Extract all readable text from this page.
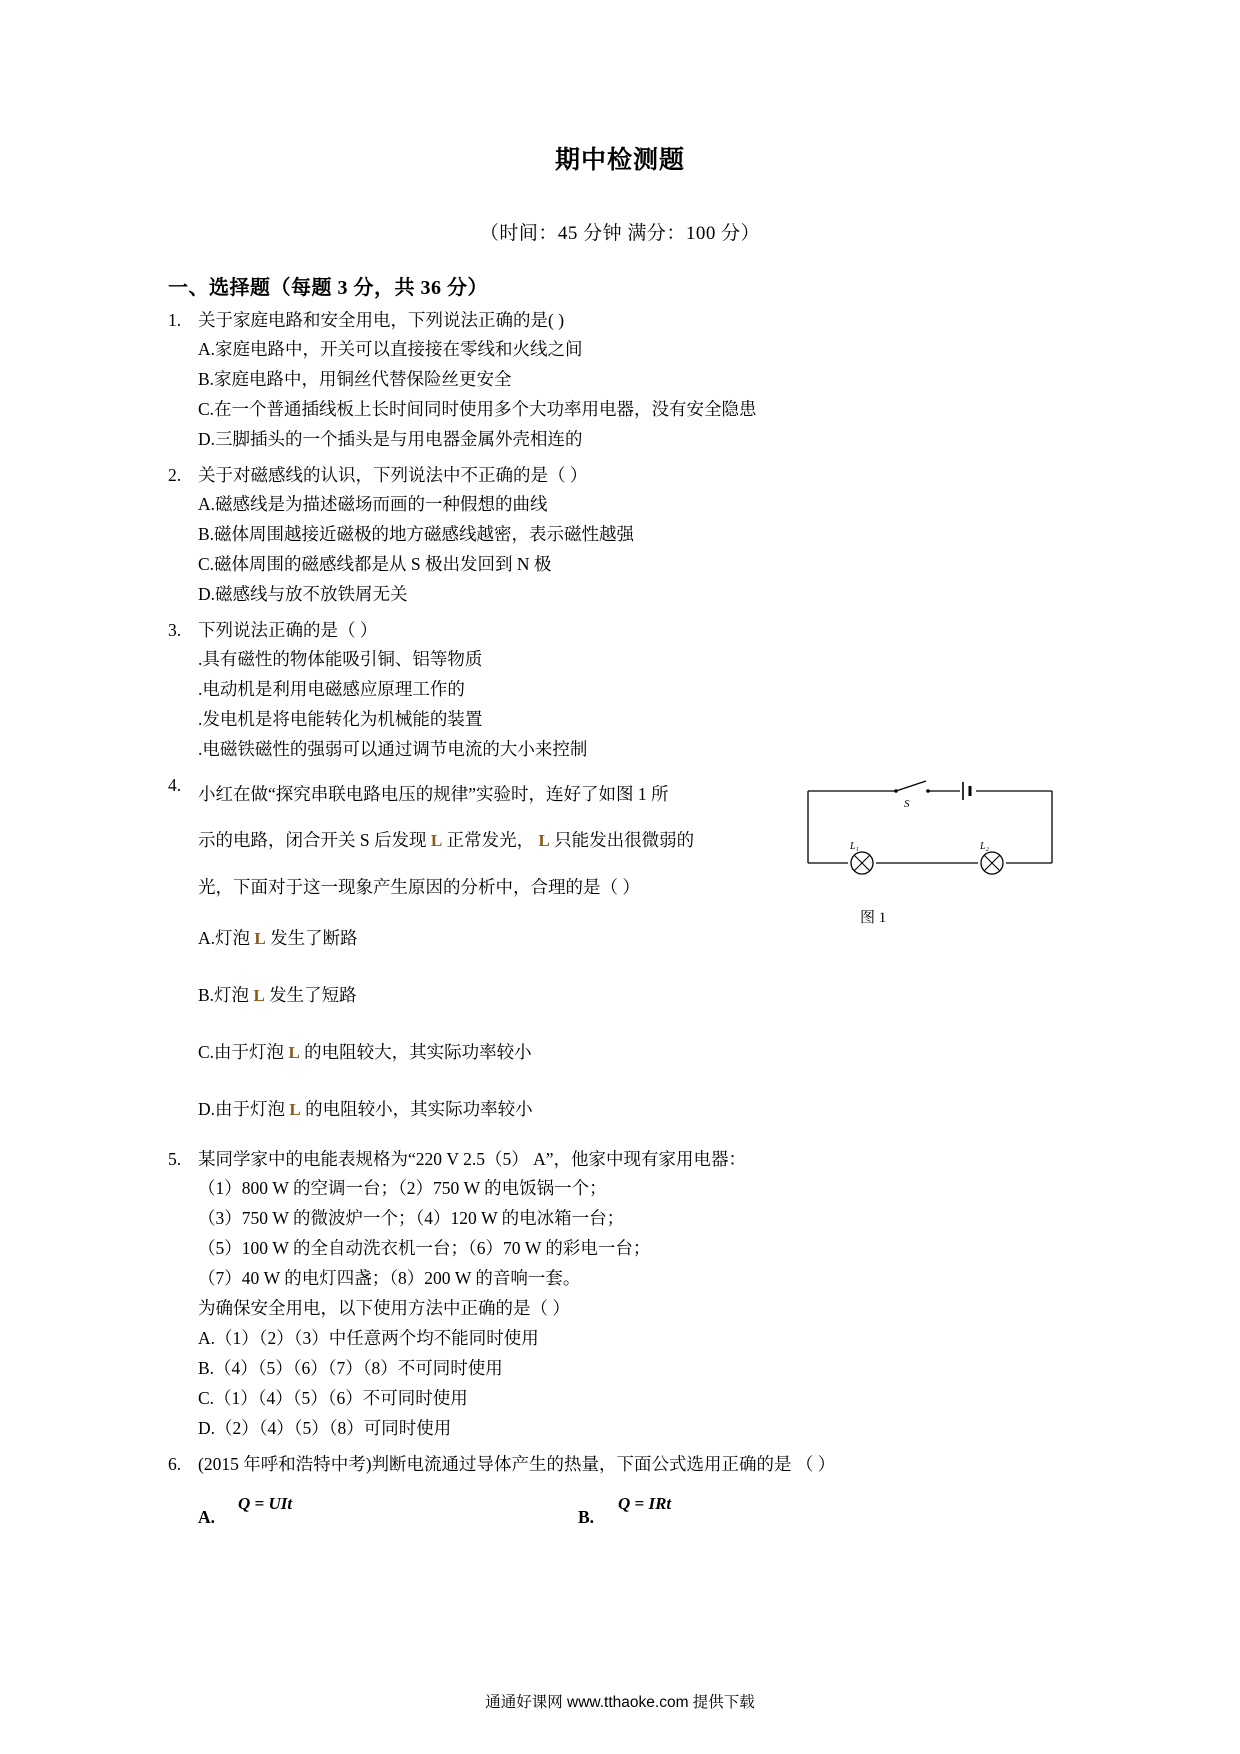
期中检测题
（时间：45 分钟 满分：100 分）
一、选择题（每题 3 分，共 36 分）
1. 关于家庭电路和安全用电，下列说法正确的是( )
A.家庭电路中，开关可以直接接在零线和火线之间
B.家庭电路中，用铜丝代替保险丝更安全
C.在一个普通插线板上长时间同时使用多个大功率用电器，没有安全隐患
D.三脚插头的一个插头是与用电器金属外壳相连的
2. 关于对磁感线的认识，下列说法中不正确的是（ ）
A.磁感线是为描述磁场而画的一种假想的曲线
B.磁体周围越接近磁极的地方磁感线越密，表示磁性越强
C.磁体周围的磁感线都是从 S 极出发回到 N 极
D.磁感线与放不放铁屑无关
3. 下列说法正确的是（ ）
.具有磁性的物体能吸引铜、铝等物质
.电动机是利用电磁感应原理工作的
.发电机是将电能转化为机械能的装置
.电磁铁磁性的强弱可以通过调节电流的大小来控制
S
L₁	L₂
图 1
4. 小红在做“探究串联电路电压的规律”实验时，连好了如图 1 所
示的电路，闭合开关 S 后发现 L 正常发光， L 只能发出很微弱的
光，下面对于这一现象产生原因的分析中，合理的是（ ）
A.灯泡 L 发生了断路
B.灯泡 L 发生了短路
C.由于灯泡 L 的电阻较大，其实际功率较小
D.由于灯泡 L 的电阻较小，其实际功率较小
5. 某同学家中的电能表规格为“220 V 2.5（5） A”，他家中现有家用电器：
（1）800 W 的空调一台；（2）750 W 的电饭锅一个；
（3）750 W 的微波炉一个；（4）120 W 的电冰箱一台；
（5）100 W 的全自动洗衣机一台；（6）70 W 的彩电一台；
（7）40 W 的电灯四盏；（8）200 W 的音响一套。
为确保安全用电，以下使用方法中正确的是（ ）
A.（1）（2）（3）中任意两个均不能同时使用
B.（4）（5）（6）（7）（8）不可同时使用
C.（1）（4）（5）（6）不可同时使用
D.（2）（4）（5）（8）可同时使用
6. (2015 年呼和浩特中考)判断电流通过导体产生的热量，下面公式选用正确的是 （ ）
Q = UIt
A.
Q = IRt
B.
通通好课网 www.tthaoke.com 提供下载
